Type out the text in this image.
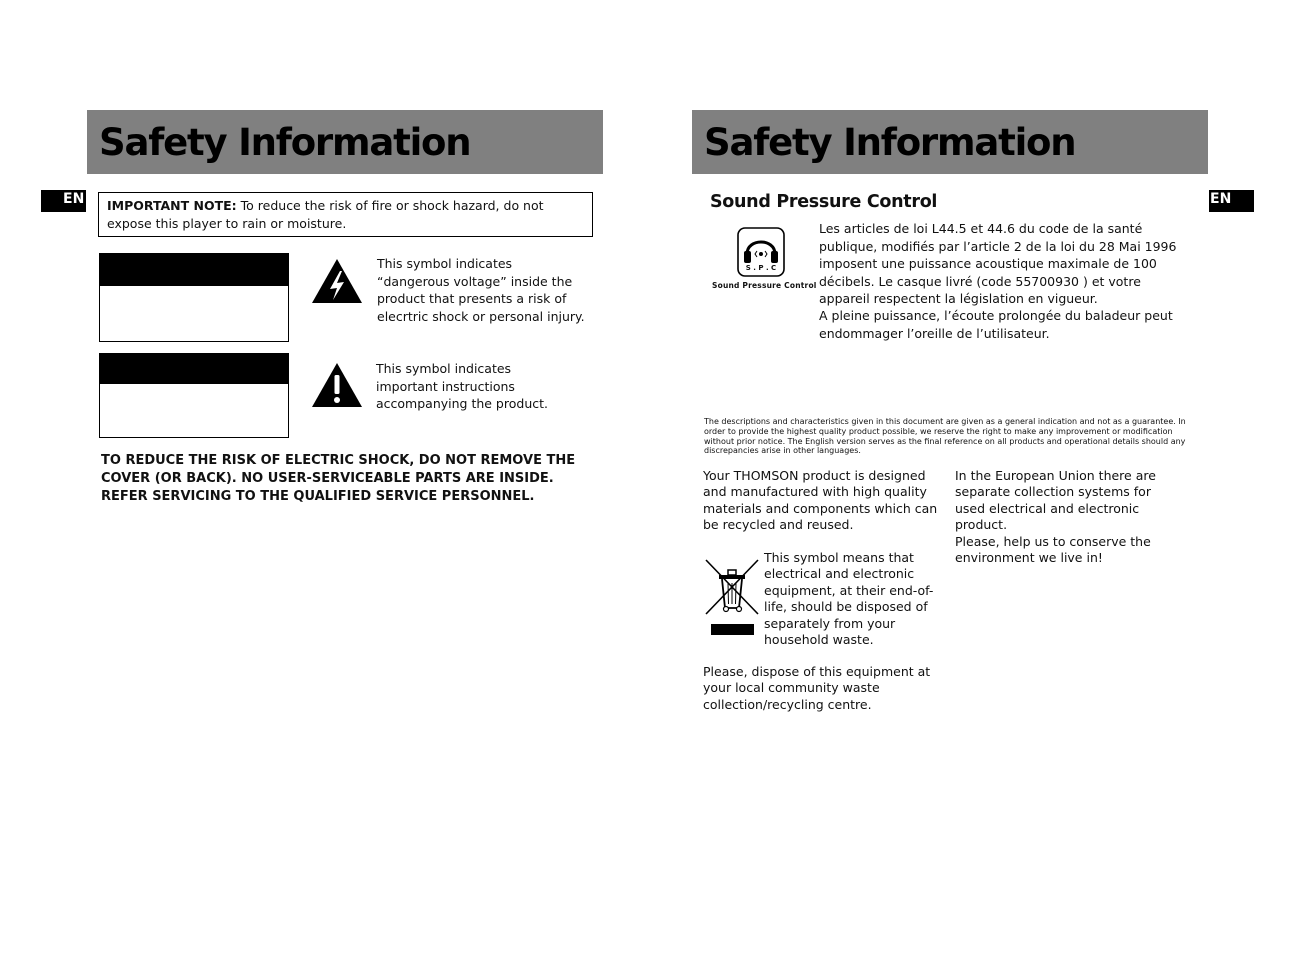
Safety Information
EN	IMPORTANT NOTE: To reduce the risk of fire or shock hazard, do not expose this player to rain or moisture.
This symbol indicates “dangerous voltage” inside the product that presents a risk of elecrtric shock or personal injury.
This symbol indicates important instructions accompanying the product.
TO REDUCE THE RISK OF ELECTRIC SHOCK, DO NOT REMOVE THE COVER (OR BACK). NO USER-SERVICEABLE PARTS ARE INSIDE. REFER SERVICING TO THE QUALIFIED SERVICE PERSONNEL.
Safety Information
EN
Sound Pressure Control
S . P . C
Sound Pressure Control
Les articles de loi L44.5 et 44.6 du code de la santé publique, modifiés par l’article 2 de la loi du 28 Mai 1996 imposent une puissance acoustique maximale de 100 décibels. Le casque livré (code 55700930 ) et votre appareil respectent la législation en vigueur.
A pleine puissance, l’écoute prolongée du baladeur peut endommager l’oreille de l’utilisateur.
The descriptions and characteristics given in this document are given as a general indication and not as a guarantee. In order to provide the highest quality product possible, we reserve the right to make any improvement or modification without prior notice. The English version serves as the final reference on all products and operational details should any discrepancies arise in other languages.
Your THOMSON product is designed and manufactured with high quality materials and components which can be recycled and reused.
This symbol means that electrical and electronic equipment, at their end-of-life, should be disposed of separately from your household waste.
Please, dispose of this equipment at your local community waste collection/recycling centre.
In the European Union there are separate collection systems for
used electrical and electronic product.
Please, help us to conserve the environment we live in!
